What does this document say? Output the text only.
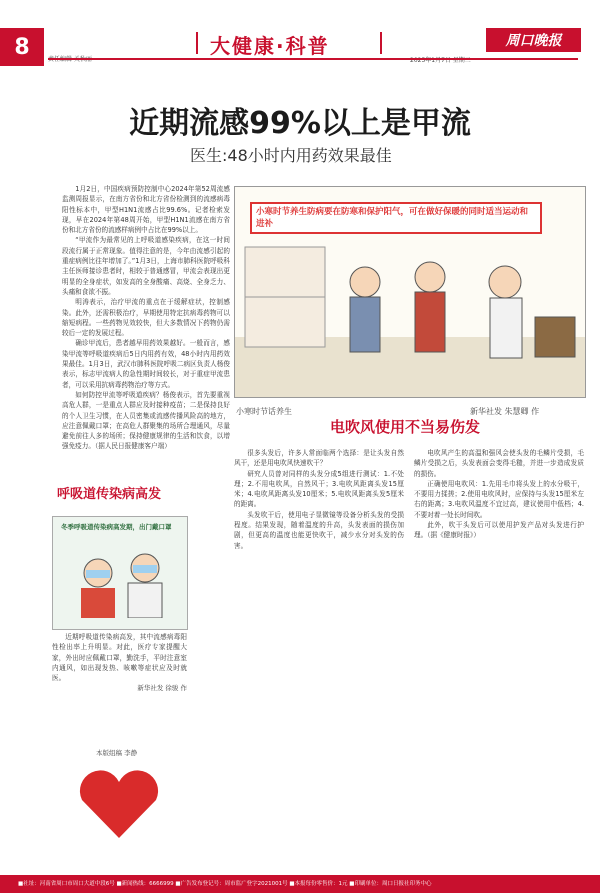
8	责任编辑 关秋丽
大健康·科普	周口晚报
2025年1月7日 星期二
近期流感99%以上是甲流
医生:48小时内用药效果最佳

1月2日，中国疾病预防控制中心2024年第52周流感监测周报显示，在南方省份和北方省份检测到的流感病毒阳性标本中，甲型H1N1流感占比99.6%。记者检索发现，早在2024年第48周开始，甲型H1N1流感在南方省份和北方省份的流感样病例中占比在99%以上。

“甲流作为最常见的上呼吸道感染疾病，在这一时间段流行属于正常现象。值得注意的是，今年由流感引起的重症病例比往年增加了。”1月3日，上海市肺科医院呼吸科主任医师接诊患者时，相较于普通感冒，甲流会表现出更明显的全身症状，如发高的全身酸痛、高烧、全身乏力、头痛和食欲不振。

明涛表示，治疗甲流的重点在于缓解症状，控制感染。此外，还需积极治疗，早期使用特定抗病毒药物可以缩短病程。一些药物见效较快，但大多数情况下药物仍需较后一定的发展过程。

确诊甲流后，患者越早用药效果越好。一般而言，感染甲流等呼吸道疾病后5日内用药有效，48小时内用药效果最佳。1月3日，武汉市肺科医院呼吸二病区负责人杨俊表示，标志甲流病人的急性期时间较长，对于重症甲流患者，可以采用抗病毒药物治疗等方式。

如何防控甲流等呼吸道疾病？杨俊表示，首先要重视高危人群，一是重点人群应及时接种疫苗；二是保持良好的个人卫生习惯，在人员密集或流感传播风险高的地方，应注意佩戴口罩；在高危人群聚集的场所合理通风，尽量避免前往人多的场所；保持健康规律的生活和饮食，以增强免疫力。（据人民日报健康客户端）

小寒时节养生防病要在防寒和保护阳气，可在做好保暖的同时适当运动和进补
小寒时节话养生	新华社发 朱慧卿 作
呼吸道传染病高发
冬季呼吸道传染病高发期，出门戴口罩

近期呼吸道传染病高发，其中流感病毒阳性检出率上升明显。对此，医疗专家提醒大家，外出时应佩戴口罩，勤洗手，平时注意室内通风，如出现发热、咳嗽等症状应及时就医。

新华社发 徐骏 作
本版组稿 李静
电吹风使用不当易伤发

很多头发后，许多人常面临两个选择：是让头发自然风干，还是用电吹风快速吹干？

研究人员曾对同样的头发分成5组进行测试：1.不处理；2.不用电吹风，自然风干；3.电吹风距离头发15厘米；4.电吹风距离头发10厘米；5.电吹风距离头发5厘米的距离。

头发吹干后，使用电子显微镜等设备分析头发的受损程度。结果发现，随着温度的升高，头发表面的损伤加剧，但更高的温度也能更快吹干，减少水分对头发的伤害。

电吹风产生的高温和强风会使头发的毛鳞片受损，毛鳞片受损之后，头发表面会变得毛糙，并进一步造成发质的损伤。

正确使用电吹风：1.先用毛巾将头发上的水分吸干，不要用力揉搓；2.使用电吹风时，应保持与头发15厘米左右的距离；3.电吹风温度不宜过高，建议使用中低档；4.不要对着一处长时间吹。

此外，吹干头发后可以使用护发产品对头发进行护理。（据《健康时报》）

■社址：河南省周口市周口大道中段6号 ■新闻热线：6666999 ■广告发布登记号：周市监广登字2021001号 ■本报每份零售价：1元 ■印刷单位：周口日报社印务中心
